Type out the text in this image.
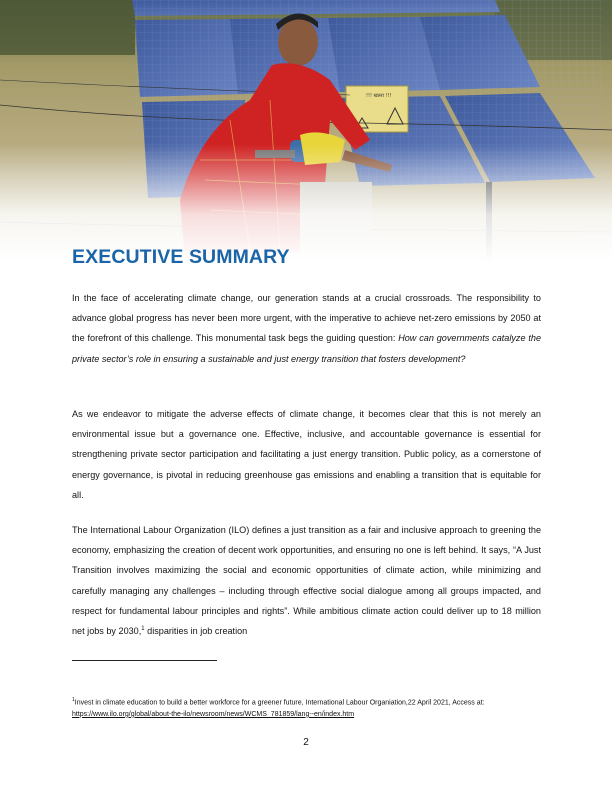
EXECUTIVE SUMMARY

In the face of accelerating climate change, our generation stands at a crucial crossroads. The responsibility to advance global progress has never been more urgent, with the imperative to achieve net-zero emissions by 2050 at the forefront of this challenge. This monumental task begs the guiding question: How can governments catalyze the private sector’s role in ensuring a sustainable and just energy transition that fosters development?

As we endeavor to mitigate the adverse effects of climate change, it becomes clear that this is not merely an environmental issue but a governance one. Effective, inclusive, and accountable governance is essential for strengthening private sector participation and facilitating a just energy transition. Public policy, as a cornerstone of energy governance, is pivotal in reducing greenhouse gas emissions and enabling a transition that is equitable for all.

The International Labour Organization (ILO) defines a just transition as a fair and inclusive approach to greening the economy, emphasizing the creation of decent work opportunities, and ensuring no one is left behind. It says, “A Just Transition involves maximizing the social and economic opportunities of climate action, while minimizing and carefully managing any challenges – including through effective social dialogue among all groups impacted, and respect for fundamental labour principles and rights”. While ambitious climate action could deliver up to 18 million net jobs by 2030,$^1$ disparities in job creation

$^1$Invest in climate education to build a better workforce for a greener future, International Labour Organiation,22 April 2021, Access at: https://www.ilo.org/global/about-the-ilo/newsroom/news/WCMS_781859/lang--en/index.htm

2
